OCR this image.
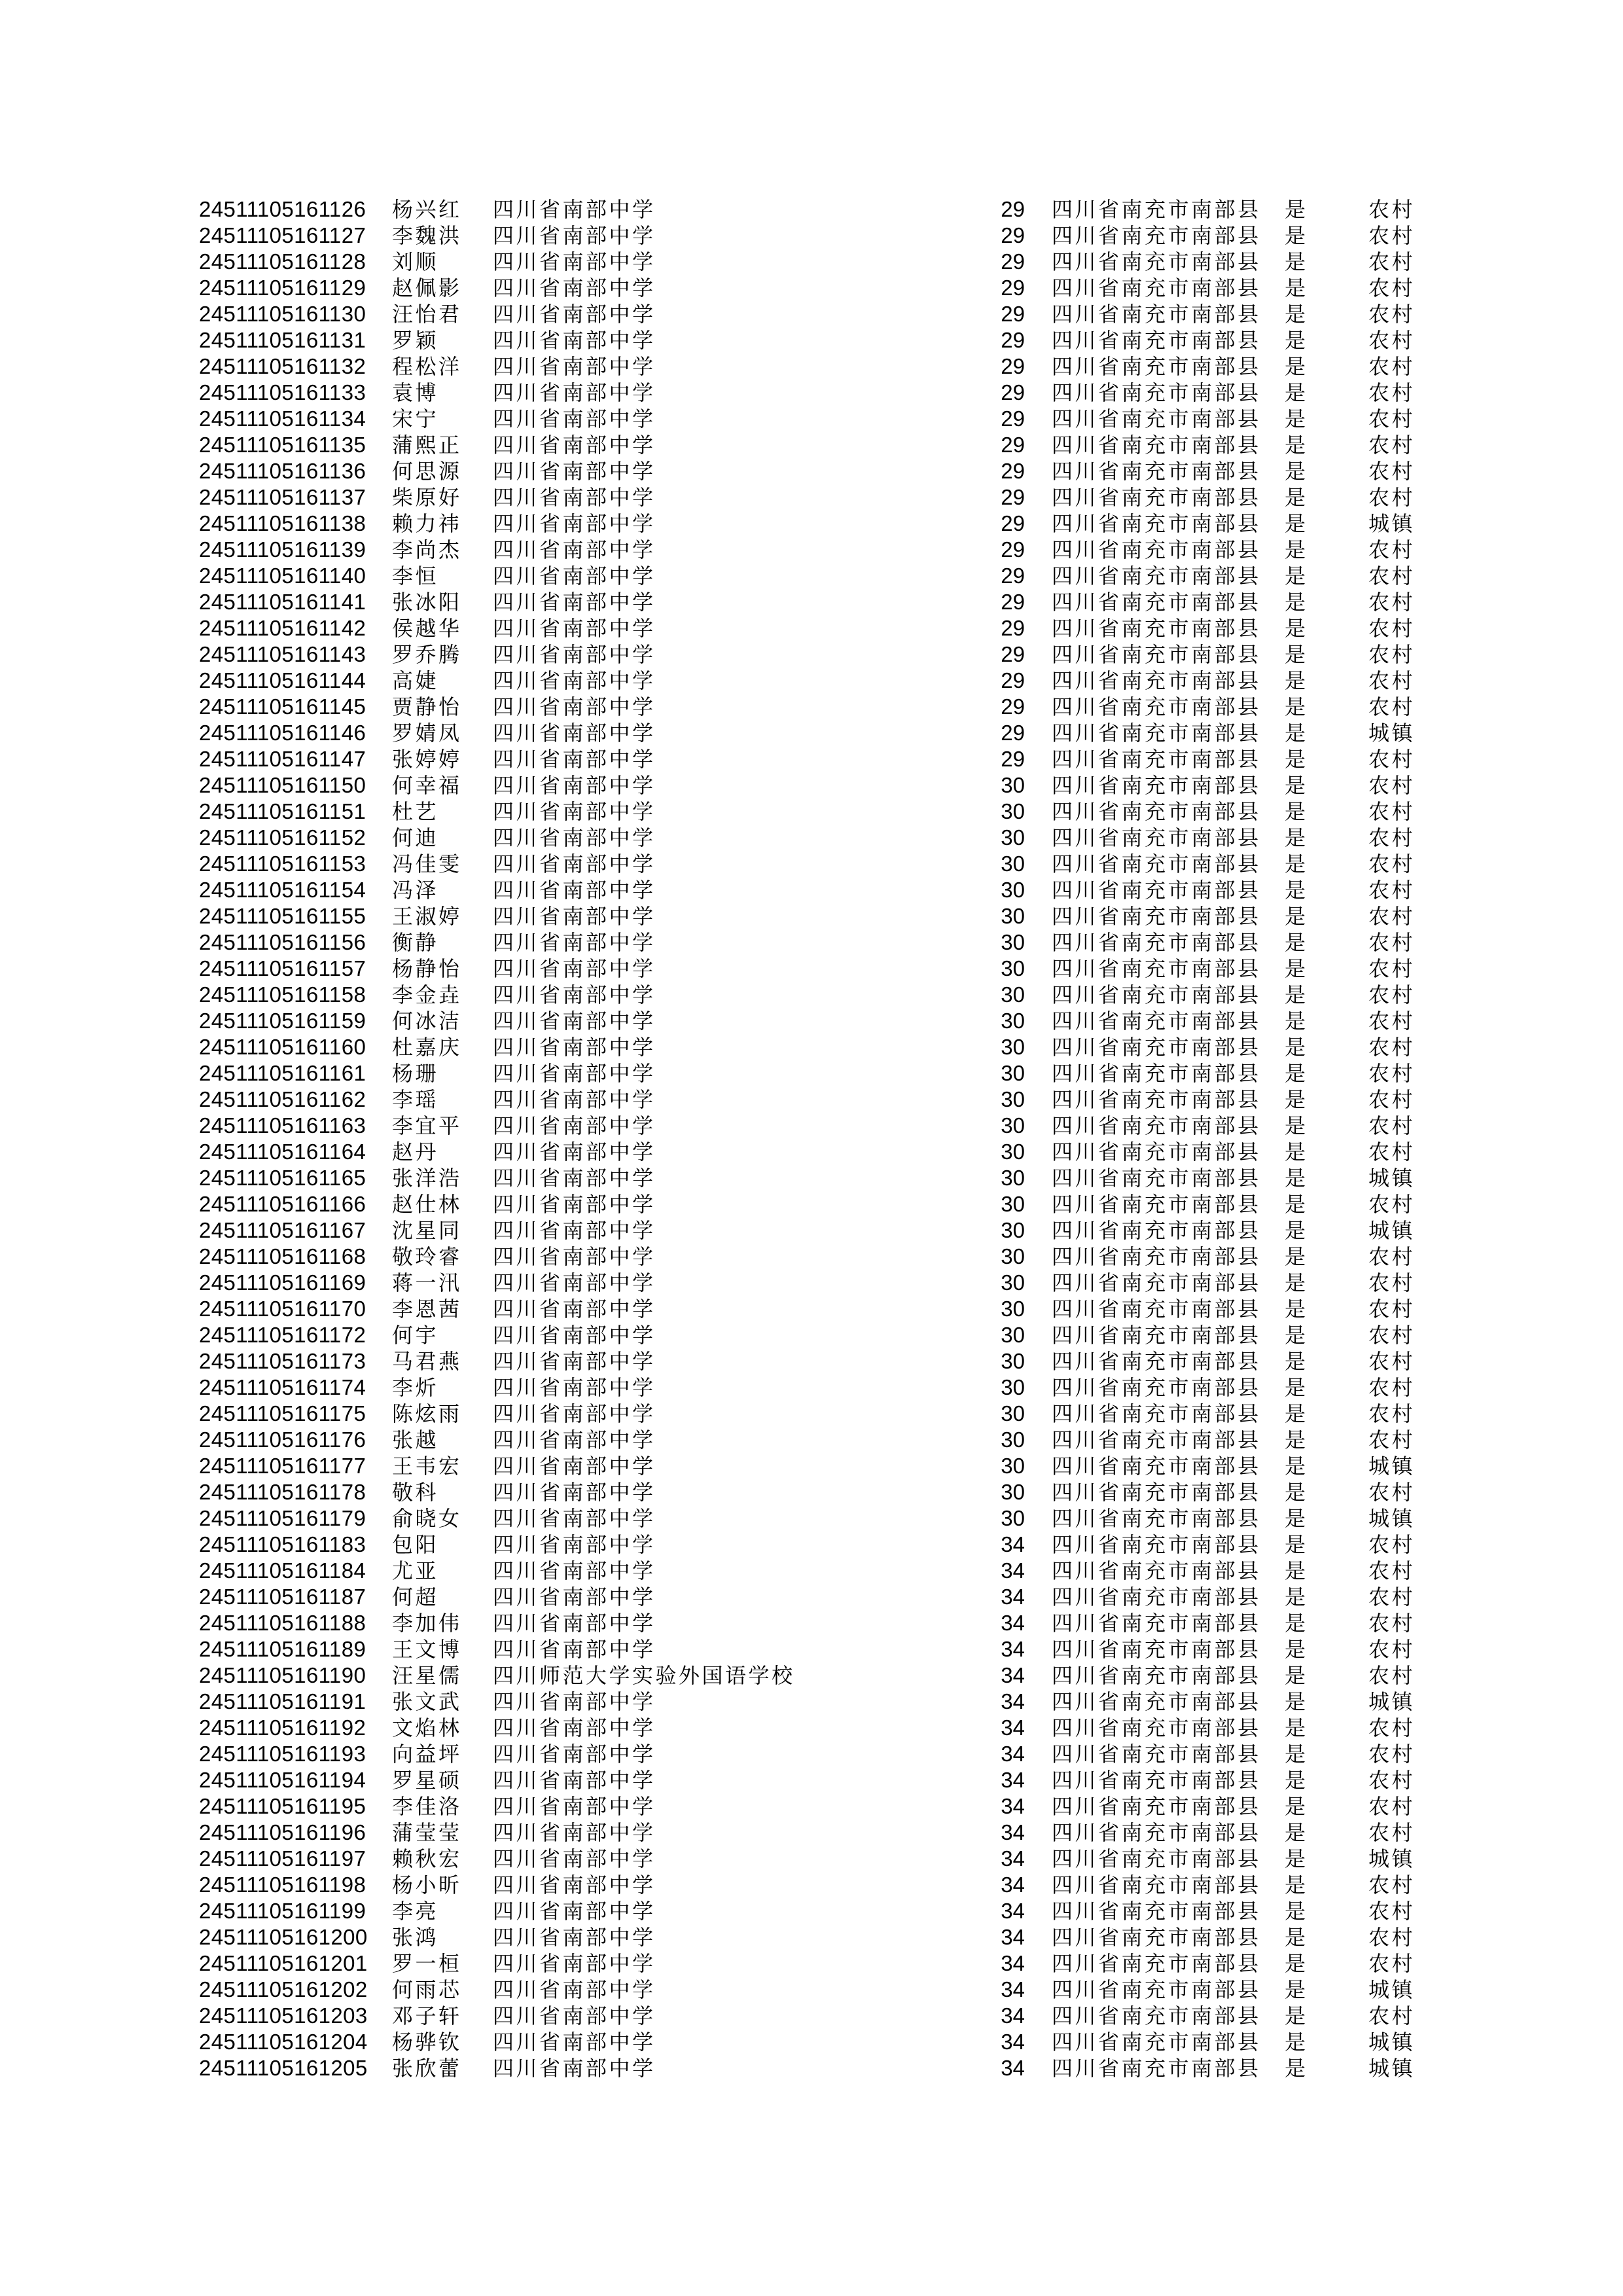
24511105161126 杨兴红 四川省南部中学	29 四川省南充市南部县 是	农村
24511105161127 李魏洪 四川省南部中学	29 四川省南充市南部县 是	农村
24511105161128 刘顺	四川省南部中学	29 四川省南充市南部县 是	农村
24511105161129 赵佩影 四川省南部中学	29 四川省南充市南部县 是	农村
24511105161130 汪怡君 四川省南部中学	29 四川省南充市南部县 是	农村
24511105161131 罗颖	四川省南部中学	29 四川省南充市南部县 是	农村
24511105161132 程松洋 四川省南部中学	29 四川省南充市南部县 是	农村
24511105161133 袁博	四川省南部中学	29 四川省南充市南部县 是	农村
24511105161134 宋宁	四川省南部中学	29 四川省南充市南部县 是	农村
24511105161135 蒲熙正 四川省南部中学	29 四川省南充市南部县 是	农村
24511105161136 何思源 四川省南部中学	29 四川省南充市南部县 是	农村
24511105161137 柴原好 四川省南部中学	29 四川省南充市南部县 是	农村
24511105161138 赖力祎 四川省南部中学	29 四川省南充市南部县 是	城镇
24511105161139 李尚杰 四川省南部中学	29 四川省南充市南部县 是	农村
24511105161140 李恒	四川省南部中学	29 四川省南充市南部县 是	农村
24511105161141 张冰阳 四川省南部中学	29 四川省南充市南部县 是	农村
24511105161142 侯越华 四川省南部中学	29 四川省南充市南部县 是	农村
24511105161143 罗乔腾 四川省南部中学	29 四川省南充市南部县 是	农村
24511105161144 高婕	四川省南部中学	29 四川省南充市南部县 是	农村
24511105161145 贾静怡 四川省南部中学	29 四川省南充市南部县 是	农村
24511105161146 罗婧凤 四川省南部中学	29 四川省南充市南部县 是	城镇
24511105161147 张婷婷 四川省南部中学	29 四川省南充市南部县 是	农村
24511105161150 何幸福 四川省南部中学	30 四川省南充市南部县 是	农村
24511105161151 杜艺	四川省南部中学	30 四川省南充市南部县 是	农村
24511105161152 何迪	四川省南部中学	30 四川省南充市南部县 是	农村
24511105161153 冯佳雯 四川省南部中学	30 四川省南充市南部县 是	农村
24511105161154 冯泽	四川省南部中学	30 四川省南充市南部县 是	农村
24511105161155 王淑婷 四川省南部中学	30 四川省南充市南部县 是	农村
24511105161156 衡静	四川省南部中学	30 四川省南充市南部县 是	农村
24511105161157 杨静怡 四川省南部中学	30 四川省南充市南部县 是	农村
24511105161158 李金垚 四川省南部中学	30 四川省南充市南部县 是	农村
24511105161159 何冰洁 四川省南部中学	30 四川省南充市南部县 是	农村
24511105161160 杜嘉庆 四川省南部中学	30 四川省南充市南部县 是	农村
24511105161161 杨珊	四川省南部中学	30 四川省南充市南部县 是	农村
24511105161162 李瑶	四川省南部中学	30 四川省南充市南部县 是	农村
24511105161163 李宜平 四川省南部中学	30 四川省南充市南部县 是	农村
24511105161164 赵丹	四川省南部中学	30 四川省南充市南部县 是	农村
24511105161165 张洋浩 四川省南部中学	30 四川省南充市南部县 是	城镇
24511105161166 赵仕林 四川省南部中学	30 四川省南充市南部县 是	农村
24511105161167 沈星同 四川省南部中学	30 四川省南充市南部县 是	城镇
24511105161168 敬玲睿 四川省南部中学	30 四川省南充市南部县 是	农村
24511105161169 蒋一汛 四川省南部中学	30 四川省南充市南部县 是	农村
24511105161170 李恩茜 四川省南部中学	30 四川省南充市南部县 是	农村
24511105161172 何宇	四川省南部中学	30 四川省南充市南部县 是	农村
24511105161173 马君燕 四川省南部中学	30 四川省南充市南部县 是	农村
24511105161174 李炘	四川省南部中学	30 四川省南充市南部县 是	农村
24511105161175 陈炫雨 四川省南部中学	30 四川省南充市南部县 是	农村
24511105161176 张越	四川省南部中学	30 四川省南充市南部县 是	农村
24511105161177 王韦宏 四川省南部中学	30 四川省南充市南部县 是	城镇
24511105161178 敬科	四川省南部中学	30 四川省南充市南部县 是	农村
24511105161179 俞晓女 四川省南部中学	30 四川省南充市南部县 是	城镇
24511105161183 包阳	四川省南部中学	34 四川省南充市南部县 是	农村
24511105161184 尤亚	四川省南部中学	34 四川省南充市南部县 是	农村
24511105161187 何超	四川省南部中学	34 四川省南充市南部县 是	农村
24511105161188 李加伟 四川省南部中学	34 四川省南充市南部县 是	农村
24511105161189 王文博 四川省南部中学	34 四川省南充市南部县 是	农村
24511105161190 汪星儒 四川师范大学实验外国语学校	34 四川省南充市南部县 是	农村
24511105161191 张文武 四川省南部中学	34 四川省南充市南部县 是	城镇
24511105161192 文焰林 四川省南部中学	34 四川省南充市南部县 是	农村
24511105161193 向益坪 四川省南部中学	34 四川省南充市南部县 是	农村
24511105161194 罗星硕 四川省南部中学	34 四川省南充市南部县 是	农村
24511105161195 李佳洛 四川省南部中学	34 四川省南充市南部县 是	农村
24511105161196 蒲莹莹 四川省南部中学	34 四川省南充市南部县 是	农村
24511105161197 赖秋宏 四川省南部中学	34 四川省南充市南部县 是	城镇
24511105161198 杨小昕 四川省南部中学	34 四川省南充市南部县 是	农村
24511105161199 李亮	四川省南部中学	34 四川省南充市南部县 是	农村
24511105161200 张鸿	四川省南部中学	34 四川省南充市南部县 是	农村
24511105161201 罗一桓 四川省南部中学	34 四川省南充市南部县 是	农村
24511105161202 何雨芯 四川省南部中学	34 四川省南充市南部县 是	城镇
24511105161203 邓子轩 四川省南部中学	34 四川省南充市南部县 是	农村
24511105161204 杨骅钦 四川省南部中学	34 四川省南充市南部县 是	城镇
24511105161205 张欣蕾 四川省南部中学	34 四川省南充市南部县 是	城镇
